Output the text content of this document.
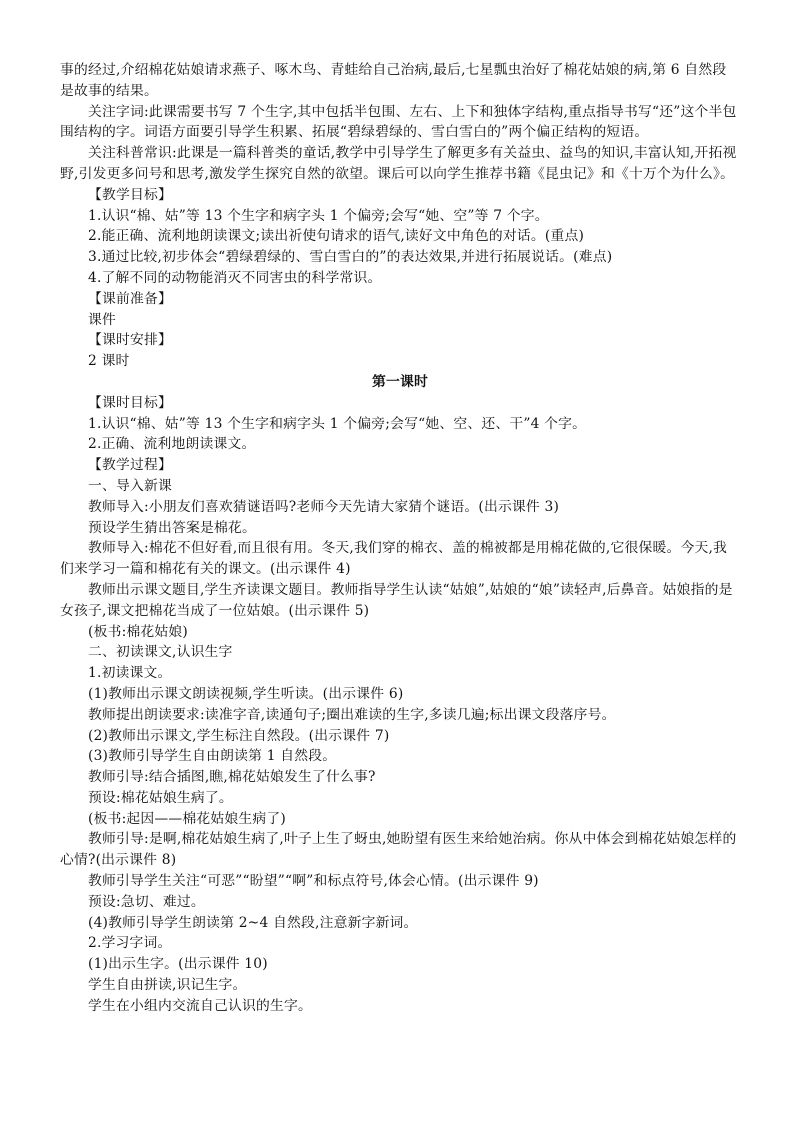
事的经过,介绍棉花姑娘请求燕子、啄木鸟、青蛙给自己治病,最后,七星瓢虫治好了棉花姑娘的病,第 6 自然段是故事的结果。

关注字词:此课需要书写 7 个生字,其中包括半包围、左右、上下和独体字结构,重点指导书写“还”这个半包围结构的字。词语方面要引导学生积累、拓展“碧绿碧绿的、雪白雪白的”两个偏正结构的短语。

关注科普常识:此课是一篇科普类的童话,教学中引导学生了解更多有关益虫、益鸟的知识,丰富认知,开拓视野,引发更多问号和思考,激发学生探究自然的欲望。课后可以向学生推荐书籍《昆虫记》和《十万个为什么》。

【教学目标】

1.认识“棉、姑”等 13 个生字和病字头 1 个偏旁;会写“她、空”等 7 个字。

2.能正确、流利地朗读课文;读出祈使句请求的语气,读好文中角色的对话。(重点)

3.通过比较,初步体会“碧绿碧绿的、雪白雪白的”的表达效果,并进行拓展说话。(难点)

4.了解不同的动物能消灭不同害虫的科学常识。

【课前准备】

课件

【课时安排】

2 课时

第一课时

【课时目标】

1.认识“棉、姑”等 13 个生字和病字头 1 个偏旁;会写“她、空、还、干”4 个字。

2.正确、流利地朗读课文。

【教学过程】

一、导入新课

教师导入:小朋友们喜欢猜谜语吗?老师今天先请大家猜个谜语。(出示课件 3)

预设学生猜出答案是棉花。

教师导入:棉花不但好看,而且很有用。冬天,我们穿的棉衣、盖的棉被都是用棉花做的,它很保暖。今天,我们来学习一篇和棉花有关的课文。(出示课件 4)

教师出示课文题目,学生齐读课文题目。教师指导学生认读“姑娘”,姑娘的“娘”读轻声,后鼻音。姑娘指的是女孩子,课文把棉花当成了一位姑娘。(出示课件 5)

(板书:棉花姑娘)

二、初读课文,认识生字

1.初读课文。

(1)教师出示课文朗读视频,学生听读。(出示课件 6)

教师提出朗读要求:读准字音,读通句子;圈出难读的生字,多读几遍;标出课文段落序号。

(2)教师出示课文,学生标注自然段。(出示课件 7)

(3)教师引导学生自由朗读第 1 自然段。

教师引导:结合插图,瞧,棉花姑娘发生了什么事?

预设:棉花姑娘生病了。

(板书:起因——棉花姑娘生病了)

教师引导:是啊,棉花姑娘生病了,叶子上生了蚜虫,她盼望有医生来给她治病。你从中体会到棉花姑娘怎样的心情?(出示课件 8)

教师引导学生关注“可恶”“盼望”“啊”和标点符号,体会心情。(出示课件 9)

预设:急切、难过。

(4)教师引导学生朗读第 2~4 自然段,注意新字新词。

2.学习字词。

(1)出示生字。(出示课件 10)

学生自由拼读,识记生字。

学生在小组内交流自己认识的生字。
